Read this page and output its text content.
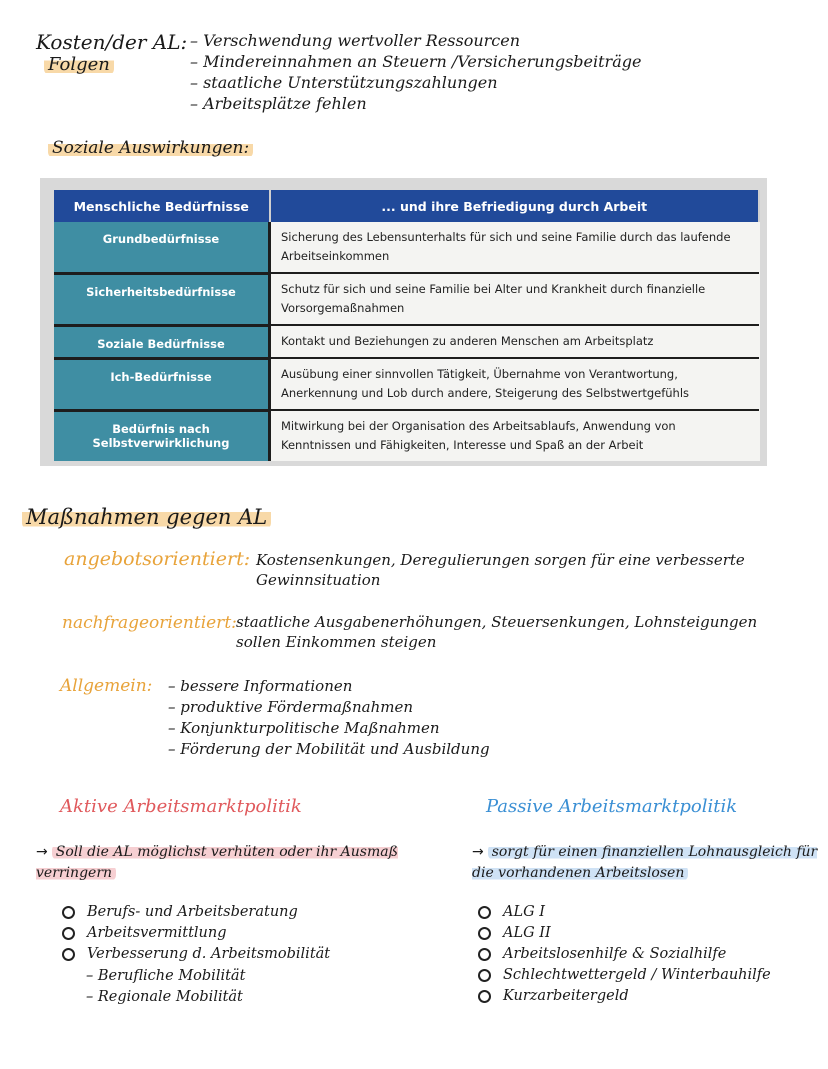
Kosten/der AL:
Folgen
– Verschwendung wertvoller Ressourcen
– Mindereinnahmen an Steuern /Versicherungsbeiträge
– staatliche Unterstützungszahlungen
– Arbeitsplätze fehlen
Soziale Auswirkungen:
Menschliche Bedürfnisse	... und ihre Befriedigung durch Arbeit
Grundbedürfnisse	Sicherung des Lebensunterhalts für sich und seine Familie durch das laufende Arbeitseinkommen
Sicherheitsbedürfnisse	Schutz für sich und seine Familie bei Alter und Krankheit durch finanzielle Vorsorgemaßnahmen
Soziale Bedürfnisse	Kontakt und Beziehungen zu anderen Menschen am Arbeitsplatz
Ich-Bedürfnisse	Ausübung einer sinnvollen Tätigkeit, Übernahme von Verantwortung, Anerkennung und Lob durch andere, Steigerung des Selbstwertgefühls
Bedürfnis nach Selbstverwirklichung	Mitwirkung bei der Organisation des Arbeitsablaufs, Anwendung von Kenntnissen und Fähigkeiten, Interesse und Spaß an der Arbeit
Maßnahmen gegen AL
angebotsorientiert: Kostensenkungen, Deregulierungen sorgen für eine verbesserte Gewinnsituation
nachfrageorientiert: staatliche Ausgabenerhöhungen, Steuersenkungen, Lohnsteigungen sollen Einkommen steigen
Allgemein:	– bessere Informationen
– produktive Fördermaßnahmen
– Konjunkturpolitische Maßnahmen
– Förderung der Mobilität und Ausbildung
Aktive Arbeitsmarktpolitik
→ Soll die AL möglichst verhüten oder ihr Ausmaß verringern
Berufs- und Arbeitsberatung
Arbeitsvermittlung
Verbesserung d. Arbeitsmobilität
– Berufliche Mobilität
– Regionale Mobilität
Passive Arbeitsmarktpolitik
→ sorgt für einen finanziellen Lohnausgleich für die vorhandenen Arbeitslosen
ALG I
ALG II
Arbeitslosenhilfe & Sozialhilfe
Schlechtwettergeld / Winterbauhilfe
Kurzarbeitergeld
